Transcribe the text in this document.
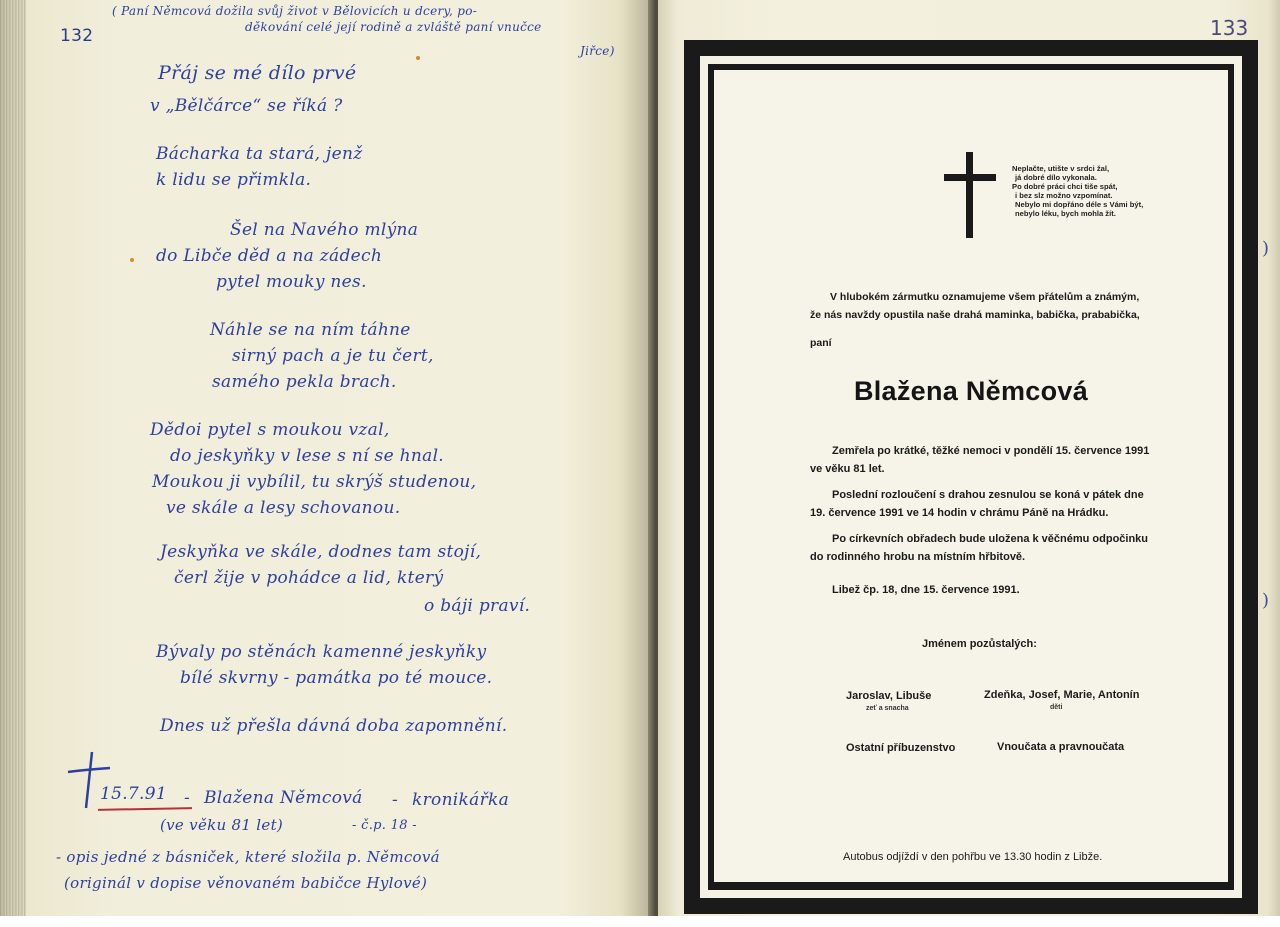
132
( Paní Němcová dožila svůj život v Bělovicích u dcery, po-
děkování celé její rodině a zvláště paní vnučce
Jiřce)
Přáj se mé dílo prvé
v „Bělčárce“ se říká ?
Bácharka ta stará, jenž
k lidu se přimkla.
Šel na Navého mlýna
do Libče děd a na zádech
pytel mouky nes.
Náhle se na ním táhne
sirný pach a je tu čert,
samého pekla brach.
Dědoi pytel s moukou vzal,
do jeskyňky v lese s ní se hnal.
Moukou ji vybílil, tu skrýš studenou,
ve skále a lesy schovanou.
Jeskyňka ve skále, dodnes tam stojí,
čerl žije v pohádce a lid, který
o báji praví.
Bývaly po stěnách kamenné jeskyňky
bílé skvrny - památka po té mouce.
Dnes už přešla dávná doba zapomnění.
15.7.91 - Blažena Němcová - kronikářka
(ve věku 81 let)	- č.p. 18 -
- opis jedné z básniček, které složila p. Němcová
(originál v dopise věnovaném babičce Hylové)
133
Neplačte, utište v srdci žal,
já dobré dílo vykonala.
Po dobré práci chci tiše spát,
i bez slz možno vzpomínat.
Nebylo mi dopřáno déle s Vámi být,
nebylo léku, bych mohla žít.
V hlubokém zármutku oznamujeme všem přátelům a známým,
že nás navždy opustila naše drahá maminka, babička, prababička,
paní
Blažena Němcová
Zemřela po krátké, těžké nemoci v pondělí 15. července 1991
ve věku 81 let.
Poslední rozloučení s drahou zesnulou se koná v pátek dne
19. července 1991 ve 14 hodin v chrámu Páně na Hrádku.
Po církevních obřadech bude uložena k věčnému odpočinku
do rodinného hrobu na místním hřbitově.
Libež čp. 18, dne 15. července 1991.
Jménem pozůstalých:
Jaroslav, Libuše
zeť a snacha
Zdeňka, Josef, Marie, Antonín
děti
Ostatní příbuzenstvo	Vnoučata a pravnoučata
Autobus odjíždí v den pohřbu ve 13.30 hodin z Libže.
)
)
